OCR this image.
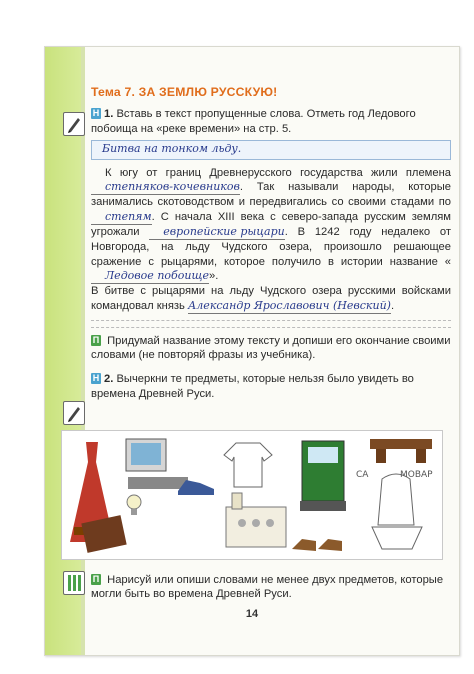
Тема 7. ЗА ЗЕМЛЮ РУССКУЮ!
Н 1. Вставь в текст пропущенные слова. Отметь год Ледового побоища на «реке времени» на стр. 5.
Битва на тонком льду.
К югу от границ Древнерусского государства жили племена степняков-кочевников. Так называли народы, которые занимались скотоводством и передвигались со своими стадами по степям. С начала XIII века с северо-запада русским землям угрожали европейские рыцари. В 1242 году недалеко от Новгорода, на льду Чудского озера, произошло решающее сражение с рыцарями, которое получило в истории название «Ледовое побоище».
В битве с рыцарями на льду Чудского озера русскими войсками командовал князь Александр Ярославович (Невский).
П Придумай название этому тексту и допиши его окончание своими словами (не повторяй фразы из учебника).
Н 2. Вычеркни те предметы, которые нельзя было увидеть во времена Древней Руси.
П Нарисуй или опиши словами не менее двух предметов, которые могли быть во времена Древней Руси.
14
СА	МОВАР
